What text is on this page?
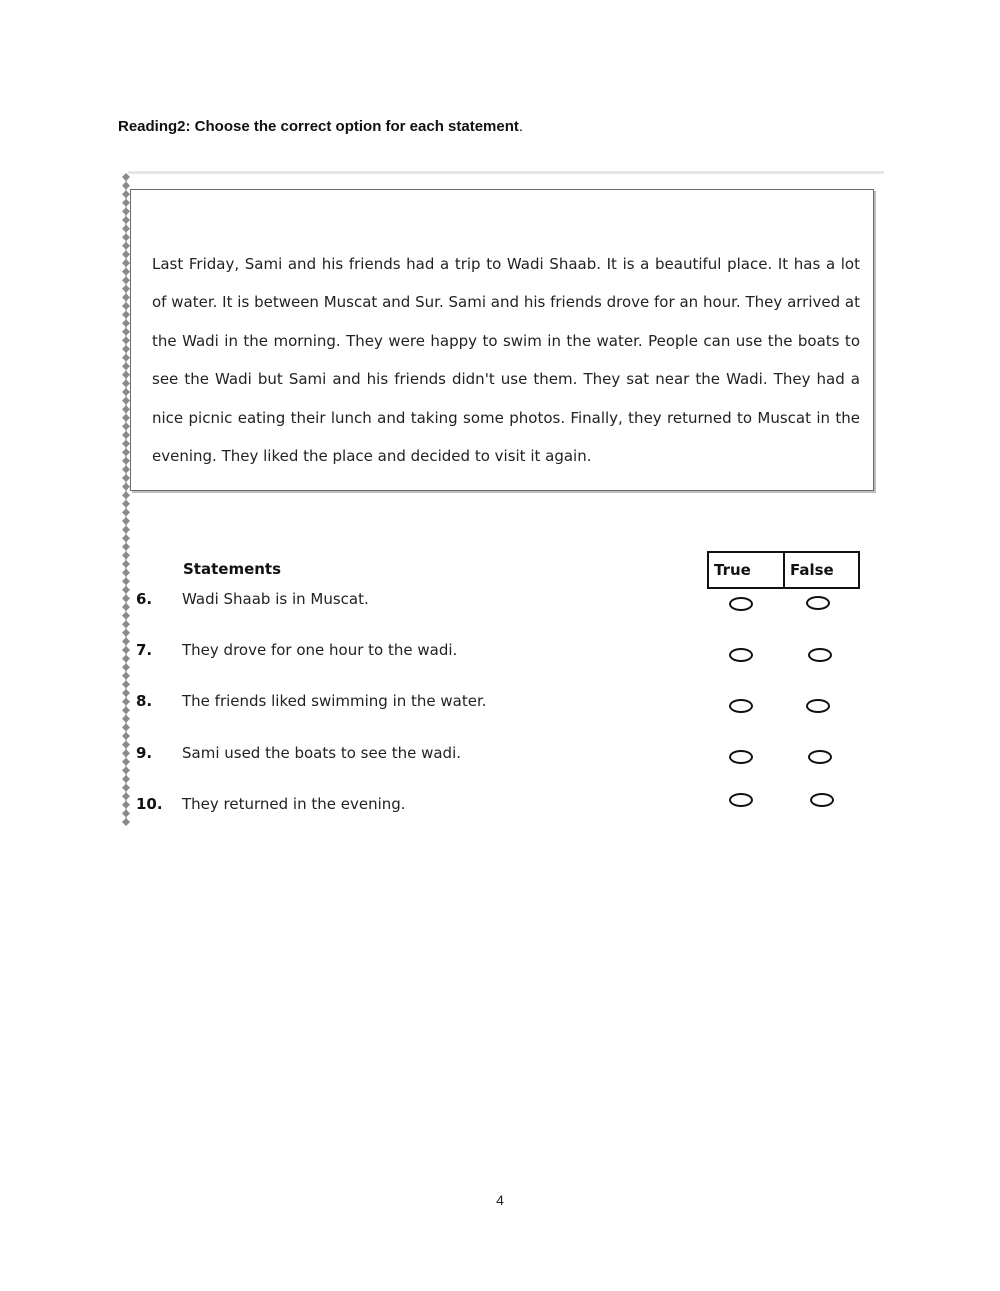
Reading2: Choose the correct option for each statement.

Last Friday, Sami and his friends had a trip to Wadi Shaab. It is a beautiful place. It has a lot of water. It is between Muscat and Sur. Sami and his friends drove for an hour. They arrived at the Wadi in the morning. They were happy to swim in the water. People can use the boats to see the Wadi but Sami and his friends didn't use them. They sat near the Wadi. They had a nice picnic eating their lunch and taking some photos. Finally, they returned to Muscat in the evening. They liked the place and decided to visit it again.

Statements	True	False
6. Wadi Shaab is in Muscat.
7. They drove for one hour to the wadi.
8. The friends liked swimming in the water.
9. Sami used the boats to see the wadi.
10. They returned in the evening.
4
